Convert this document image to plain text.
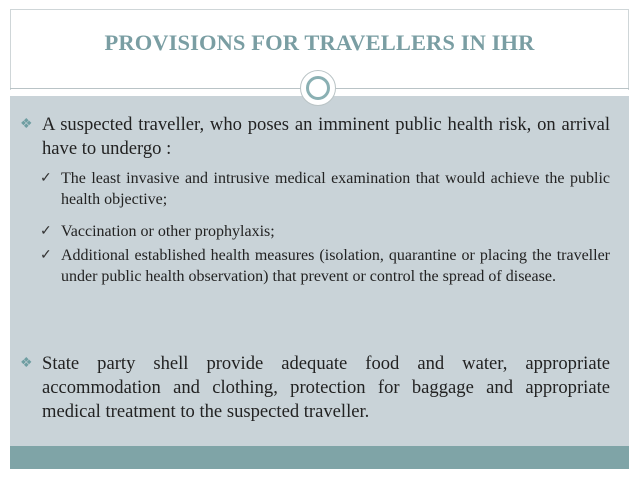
PROVISIONS FOR TRAVELLERS IN IHR
❖ A suspected traveller, who poses an imminent public health risk, on arrival have to undergo :
✓ The least invasive and intrusive medical examination that would achieve the public health objective;
✓ Vaccination or other prophylaxis;
✓ Additional established health measures (isolation, quarantine or placing the traveller under public health observation) that prevent or control the spread of disease.
❖ State party shell provide adequate food and water, appropriate accommodation and clothing, protection for baggage and appropriate medical treatment to the suspected traveller.
